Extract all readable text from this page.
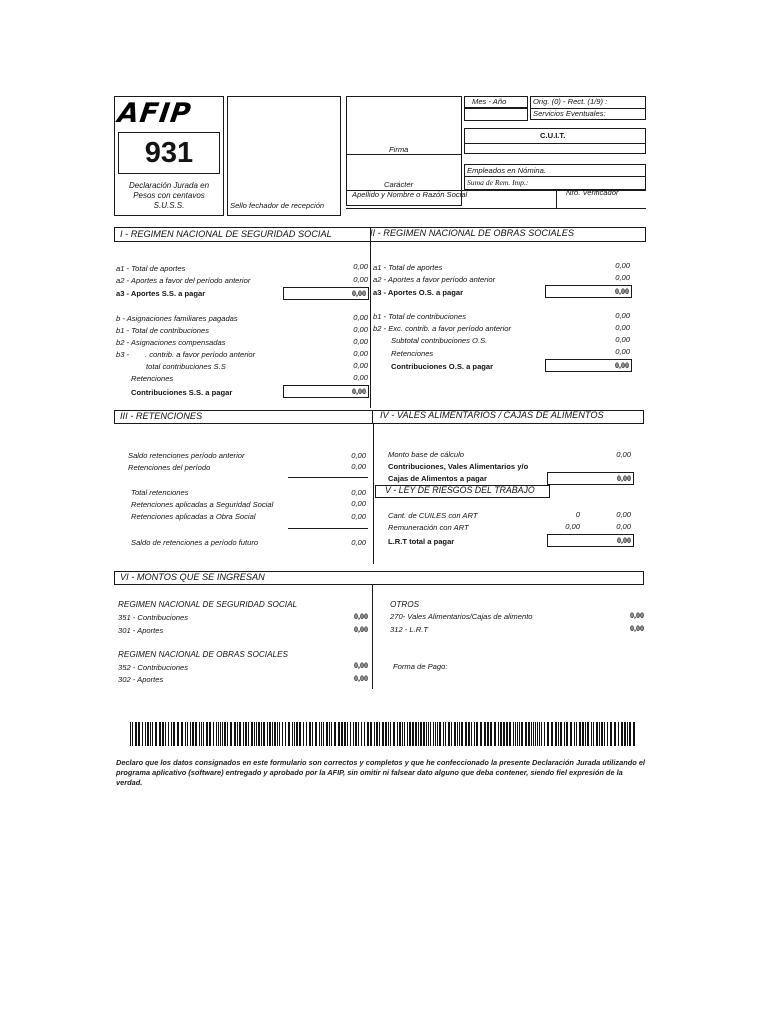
AFIP
931
Declaración Jurada en
Pesos con centavos
S.U.S.S.	Sello fechador de recepción
Firma
Carácter
Apellido y Nombre o Razón Social	Nro. Verificador
Mes - Año	Orig. (0) - Rect. (1/9) :
Servicios Eventuales:
C.U.I.T.
Empleados en Nómina.
Suma de Rem. Imp.:
I - REGIMEN NACIONAL DE SEGURIDAD SOCIAL	II - REGIMEN NACIONAL DE OBRAS SOCIALES
a1 - Total de aportes	0,00
a2 - Aportes a favor del período anterior	0,00
a3 - Aportes S.S. a pagar	0,00
b - Asignaciones familiares pagadas	0,00
b1 - Total de contribuciones	0,00
b2 - Asignaciones compensadas	0,00
b3 - . contrib. a favor período anterior	0,00
total contribuciones S.S	0,00
Retenciones	0,00
Contribuciones S.S. a pagar	0,00
a1 - Total de aportes	0,00
a2 - Aportes a favor período anterior	0,00
a3 - Aportes O.S. a pagar	0,00
b1 - Total de contribuciones	0,00
b2 - Exc. contrib. a favor período anterior	0,00
Subtotal contribuciones O.S.	0,00
Retenciones	0,00
Contribuciones O.S. a pagar	0,00
III - RETENCIONES	IV - VALES ALIMENTARIOS / CAJAS DE ALIMENTOS
Saldo retenciones período anterior	0,00
Retenciones del período	0,00
Total retenciones	0,00
Retenciones aplicadas a Seguridad Social	0,00
Retenciones aplicadas a Obra Social	0,00
Saldo de retenciones a período futuro	0,00
Monto base de cálculo	0,00
Contribuciones, Vales Alimentarios y/o
Cajas de Alimentos a pagar	0,00
V - LEY DE RIESGOS DEL TRABAJO
Cant. de CUILES con ART	0	0,00
Remuneración con ART	0,00	0,00
L.R.T total a pagar	0,00
VI - MONTOS QUE SE INGRESAN
REGIMEN NACIONAL DE SEGURIDAD SOCIAL
351 - Contribuciones	0,00
301 - Aportes	0,00
REGIMEN NACIONAL DE OBRAS SOCIALES
352 - Contribuciones	0,00
302 - Aportes	0,00
OTROS
270- Vales Alimentarios/Cajas de alimento	0,00
312 - L.R.T	0,00
Forma de Pago:
Declaro que los datos consignados en este formulario son correctos y completos y que he confeccionado la presente Declaración Jurada utilizando el programa aplicativo (software) entregado y aprobado por la AFIP, sin omitir ni falsear dato alguno que deba contener, siendo fiel expresión de la verdad.
